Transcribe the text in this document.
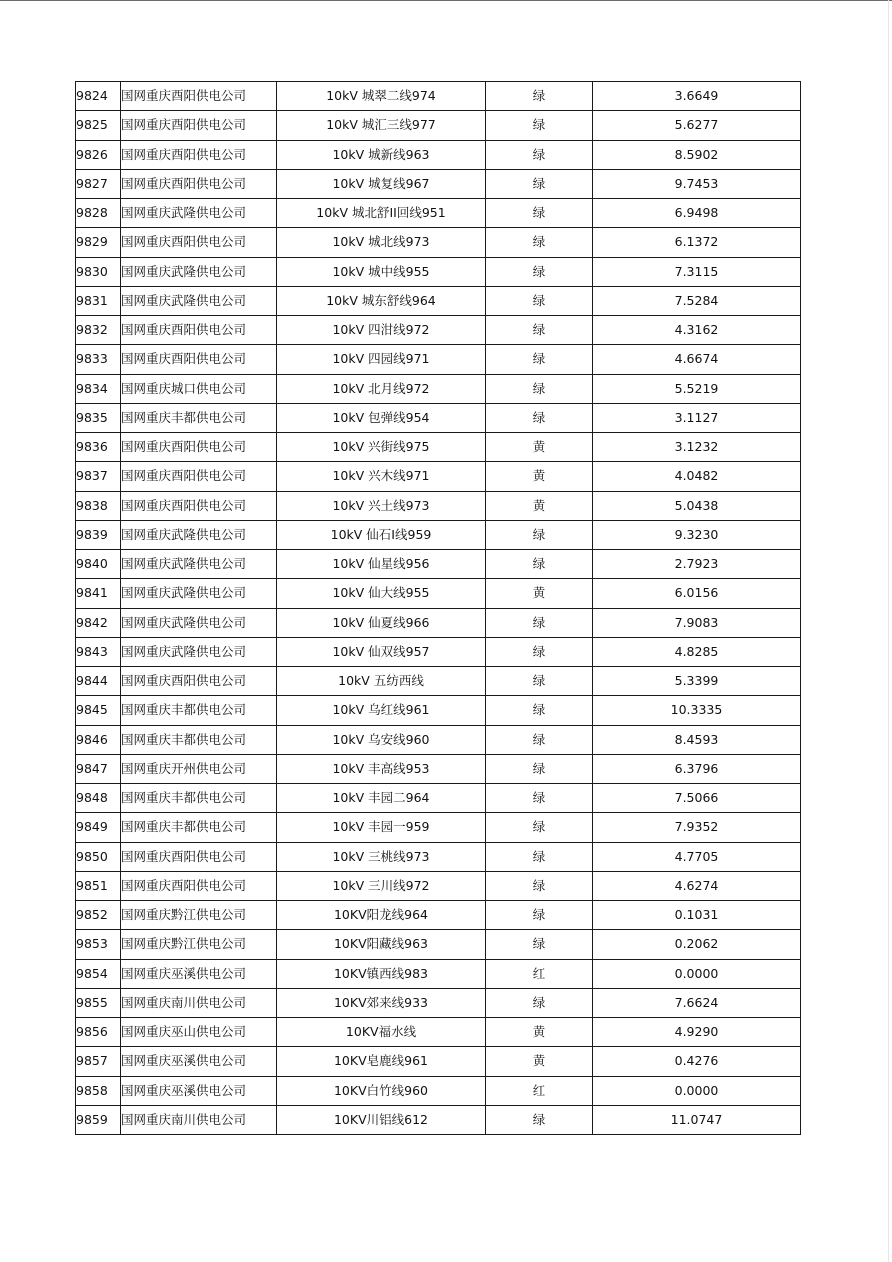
9824	国网重庆酉阳供电公司	10kV 城翠二线974	绿	3.6649
9825	国网重庆酉阳供电公司	10kV 城汇三线977	绿	5.6277
9826	国网重庆酉阳供电公司	10kV 城新线963	绿	8.5902
9827	国网重庆酉阳供电公司	10kV 城复线967	绿	9.7453
9828	国网重庆武隆供电公司	10kV 城北舒II回线951	绿	6.9498
9829	国网重庆酉阳供电公司	10kV 城北线973	绿	6.1372
9830	国网重庆武隆供电公司	10kV 城中线955	绿	7.3115
9831	国网重庆武隆供电公司	10kV 城东舒线964	绿	7.5284
9832	国网重庆酉阳供电公司	10kV 四泔线972	绿	4.3162
9833	国网重庆酉阳供电公司	10kV 四园线971	绿	4.6674
9834	国网重庆城口供电公司	10kV 北月线972	绿	5.5219
9835	国网重庆丰都供电公司	10kV 包弹线954	绿	3.1127
9836	国网重庆酉阳供电公司	10kV 兴街线975	黄	3.1232
9837	国网重庆酉阳供电公司	10kV 兴木线971	黄	4.0482
9838	国网重庆酉阳供电公司	10kV 兴土线973	黄	5.0438
9839	国网重庆武隆供电公司	10kV 仙石I线959	绿	9.3230
9840	国网重庆武隆供电公司	10kV 仙星线956	绿	2.7923
9841	国网重庆武隆供电公司	10kV 仙大线955	黄	6.0156
9842	国网重庆武隆供电公司	10kV 仙夏线966	绿	7.9083
9843	国网重庆武隆供电公司	10kV 仙双线957	绿	4.8285
9844	国网重庆酉阳供电公司	10kV 五纺西线	绿	5.3399
9845	国网重庆丰都供电公司	10kV 乌红线961	绿	10.3335
9846	国网重庆丰都供电公司	10kV 乌安线960	绿	8.4593
9847	国网重庆开州供电公司	10kV 丰高线953	绿	6.3796
9848	国网重庆丰都供电公司	10kV 丰园二964	绿	7.5066
9849	国网重庆丰都供电公司	10kV 丰园一959	绿	7.9352
9850	国网重庆酉阳供电公司	10kV 三桃线973	绿	4.7705
9851	国网重庆酉阳供电公司	10kV 三川线972	绿	4.6274
9852	国网重庆黔江供电公司	10KV阳龙线964	绿	0.1031
9853	国网重庆黔江供电公司	10KV阳藏线963	绿	0.2062
9854	国网重庆巫溪供电公司	10KV镇西线983	红	0.0000
9855	国网重庆南川供电公司	10KV郊来线933	绿	7.6624
9856	国网重庆巫山供电公司	10KV福水线	黄	4.9290
9857	国网重庆巫溪供电公司	10KV皂鹿线961	黄	0.4276
9858	国网重庆巫溪供电公司	10KV白竹线960	红	0.0000
9859	国网重庆南川供电公司	10KV川铝线612	绿	11.0747
